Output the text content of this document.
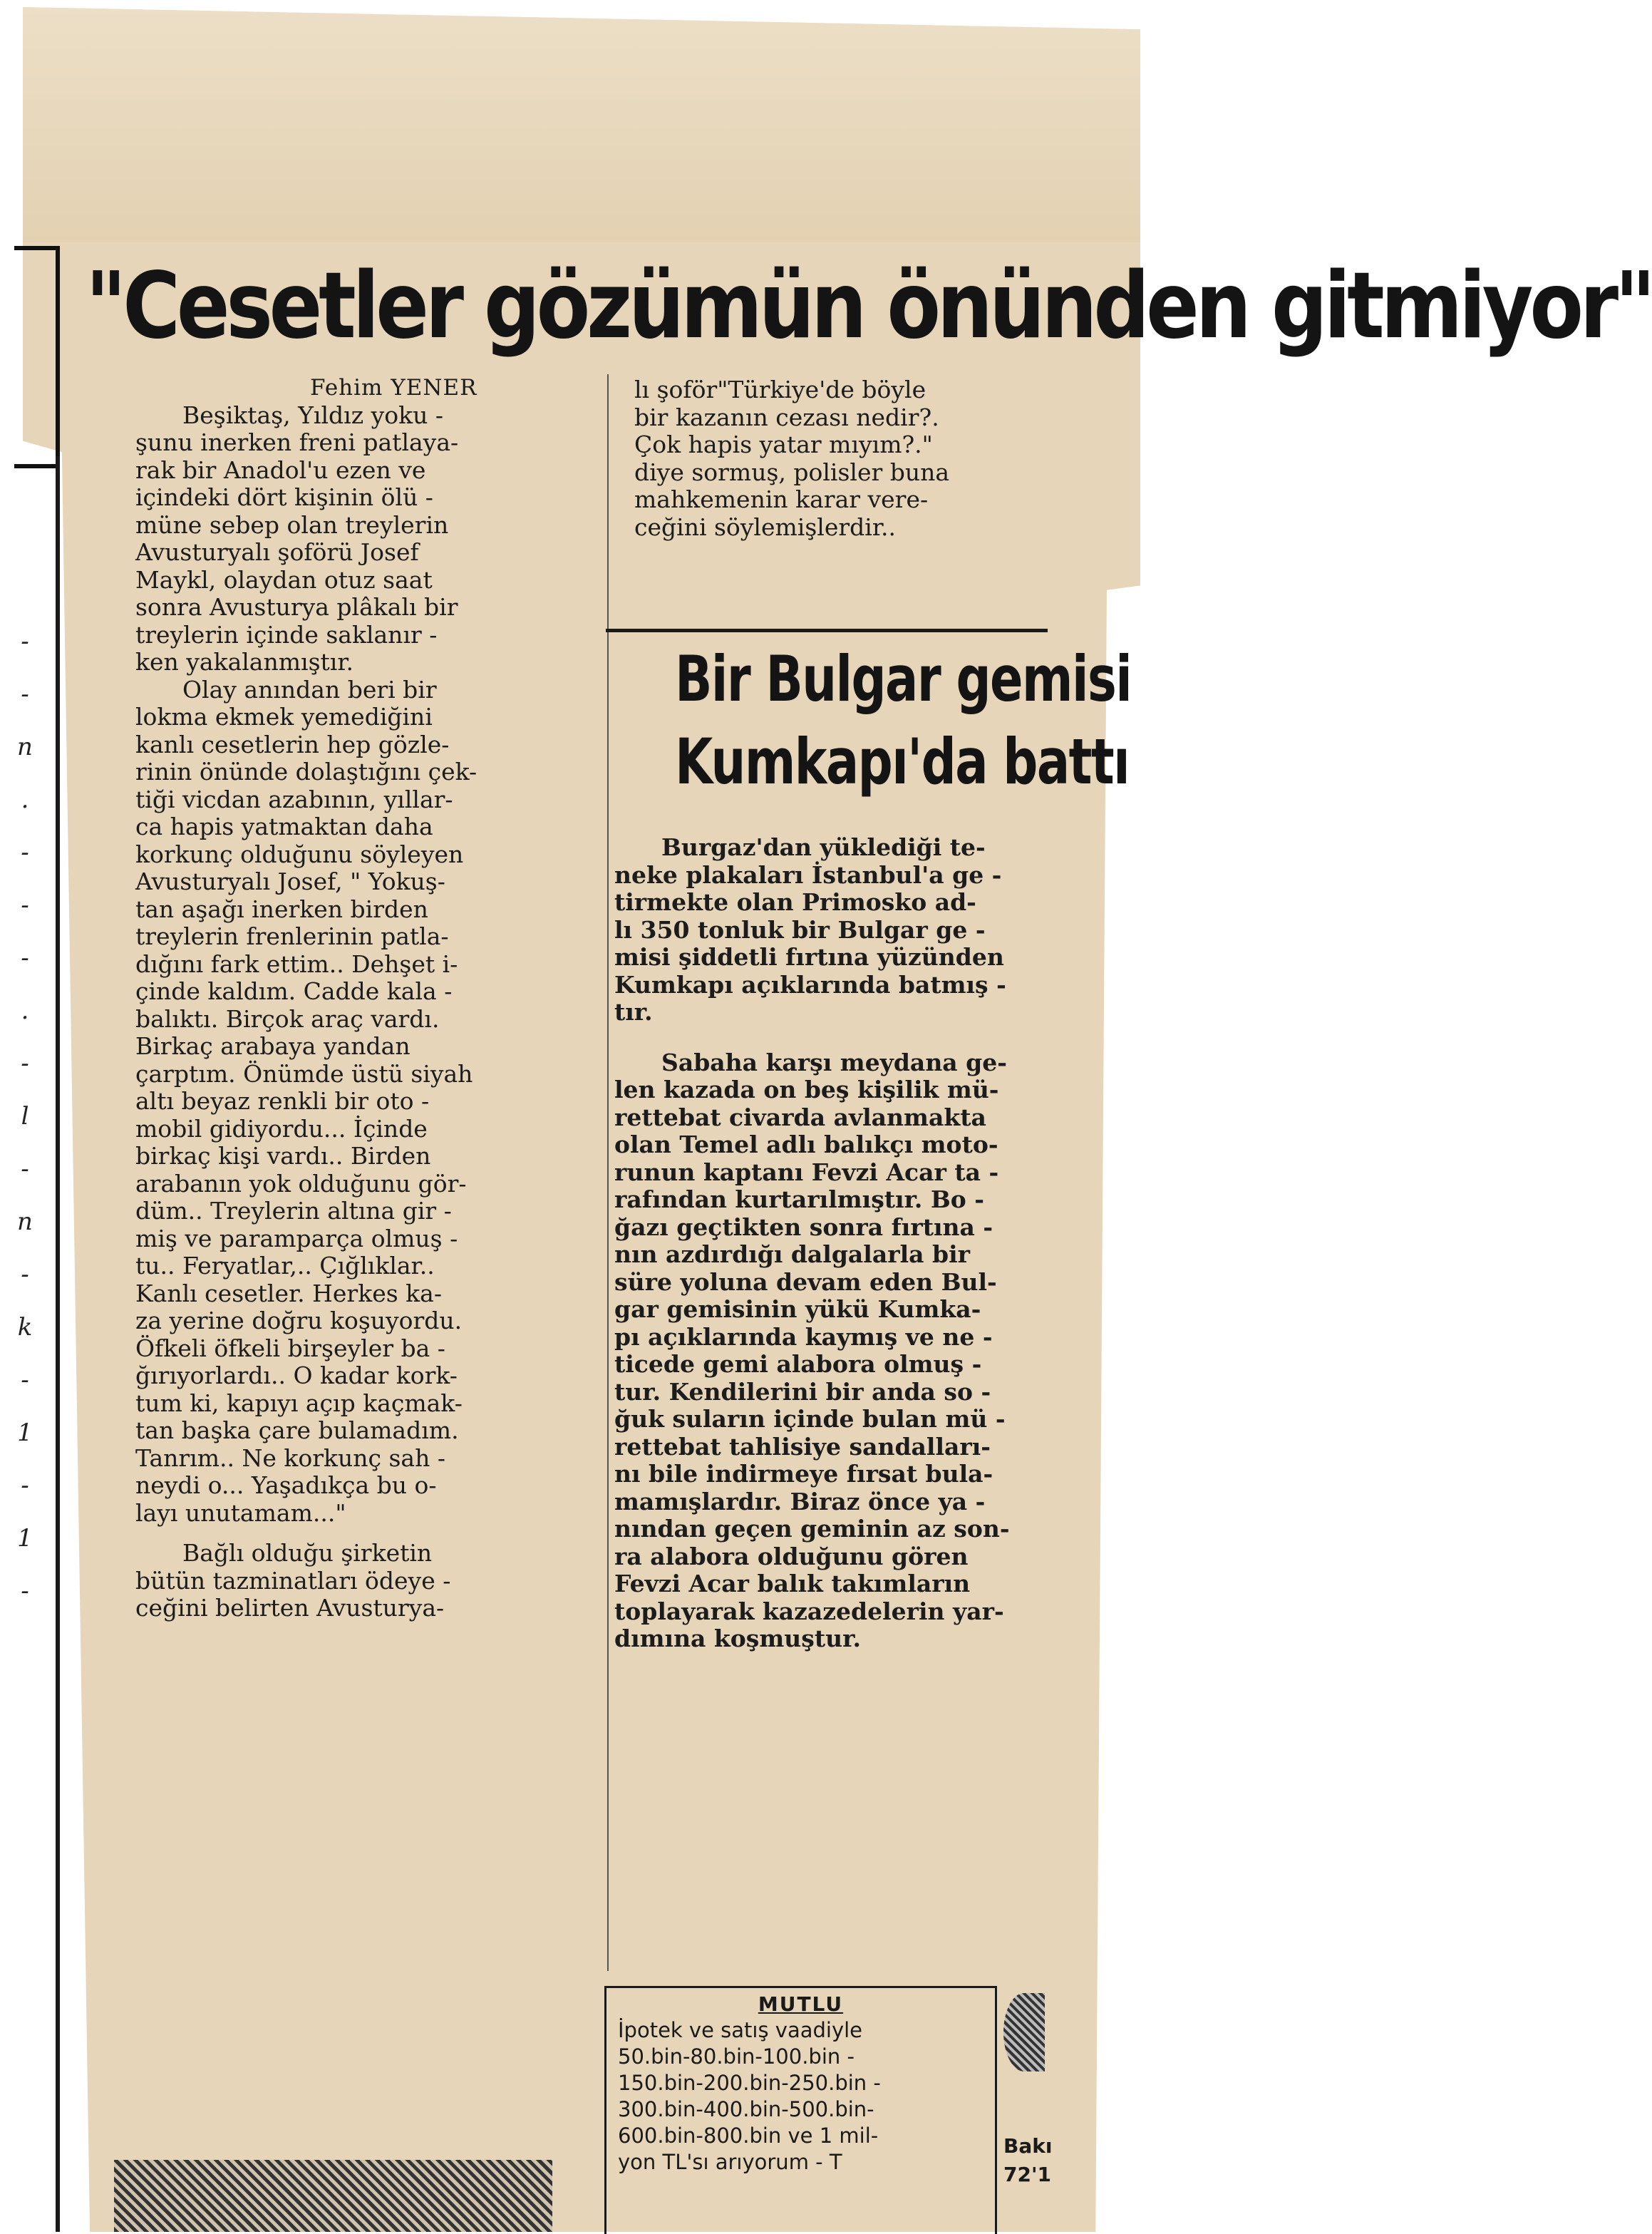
-
-
n
.
-
-
-
.
-
l
-
n
-
k
-
1
-
1
-
"Cesetler gözümün önünden gitmiyor"

Fehim YENER

Beşiktaş, Yıldız yoku -
şunu inerken freni patlaya-
rak bir Anadol'u ezen ve
içindeki dört kişinin ölü -
müne sebep olan treylerin
Avusturyalı şoförü Josef
Maykl, olaydan otuz saat
sonra Avusturya plâkalı bir
treylerin içinde saklanır -
ken yakalanmıştır.

Olay anından beri bir
lokma ekmek yemediğini
kanlı cesetlerin hep gözle-
rinin önünde dolaştığını çek-
tiği vicdan azabının, yıllar-
ca hapis yatmaktan daha
korkunç olduğunu söyleyen
Avusturyalı Josef, " Yokuş-
tan aşağı inerken birden
treylerin frenlerinin patla-
dığını fark ettim.. Dehşet i-
çinde kaldım. Cadde kala -
balıktı. Birçok araç vardı.
Birkaç arabaya yandan
çarptım. Önümde üstü siyah
altı beyaz renkli bir oto -
mobil gidiyordu... İçinde
birkaç kişi vardı.. Birden
arabanın yok olduğunu gör-
düm.. Treylerin altına gir -
miş ve paramparça olmuş -
tu.. Feryatlar,.. Çığlıklar..
Kanlı cesetler. Herkes ka-
za yerine doğru koşuyordu.
Öfkeli öfkeli birşeyler ba -
ğırıyorlardı.. O kadar kork-
tum ki, kapıyı açıp kaçmak-
tan başka çare bulamadım.
Tanrım.. Ne korkunç sah -
neydi o... Yaşadıkça bu o-
layı unutamam..."

Bağlı olduğu şirketin
bütün tazminatları ödeye -
ceğini belirten Avusturya-

lı şoför"Türkiye'de böyle
bir kazanın cezası nedir?.
Çok hapis yatar mıyım?."
diye sormuş, polisler buna
mahkemenin karar vere-
ceğini söylemişlerdir..

Bir Bulgar gemisi
Kumkapı'da battı

Burgaz'dan yüklediği te-
neke plakaları İstanbul'a ge -
tirmekte olan Primosko ad-
lı 350 tonluk bir Bulgar ge -
misi şiddetli fırtına yüzünden
Kumkapı açıklarında batmış -
tır.

Sabaha karşı meydana ge-
len kazada on beş kişilik mü-
rettebat civarda avlanmakta
olan Temel adlı balıkçı moto-
runun kaptanı Fevzi Acar ta -
rafından kurtarılmıştır. Bo -
ğazı geçtikten sonra fırtına -
nın azdırdığı dalgalarla bir
süre yoluna devam eden Bul-
gar gemisinin yükü Kumka-
pı açıklarında kaymış ve ne -
ticede gemi alabora olmuş -
tur. Kendilerini bir anda so -
ğuk suların içinde bulan mü -
rettebat tahlisiye sandalları-
nı bile indirmeye fırsat bula-
mamışlardır. Biraz önce ya -
nından geçen geminin az son-
ra alabora olduğunu gören
Fevzi Acar balık takımların
toplayarak kazazedelerin yar-
dımına koşmuştur.

MUTLU
İpotek ve satış vaadiyle
50.bin-80.bin-100.bin -
150.bin-200.bin-250.bin -
300.bin-400.bin-500.bin-
600.bin-800.bin ve 1 mil-
yon TL'sı arıyorum - T
Bakı
72'1
